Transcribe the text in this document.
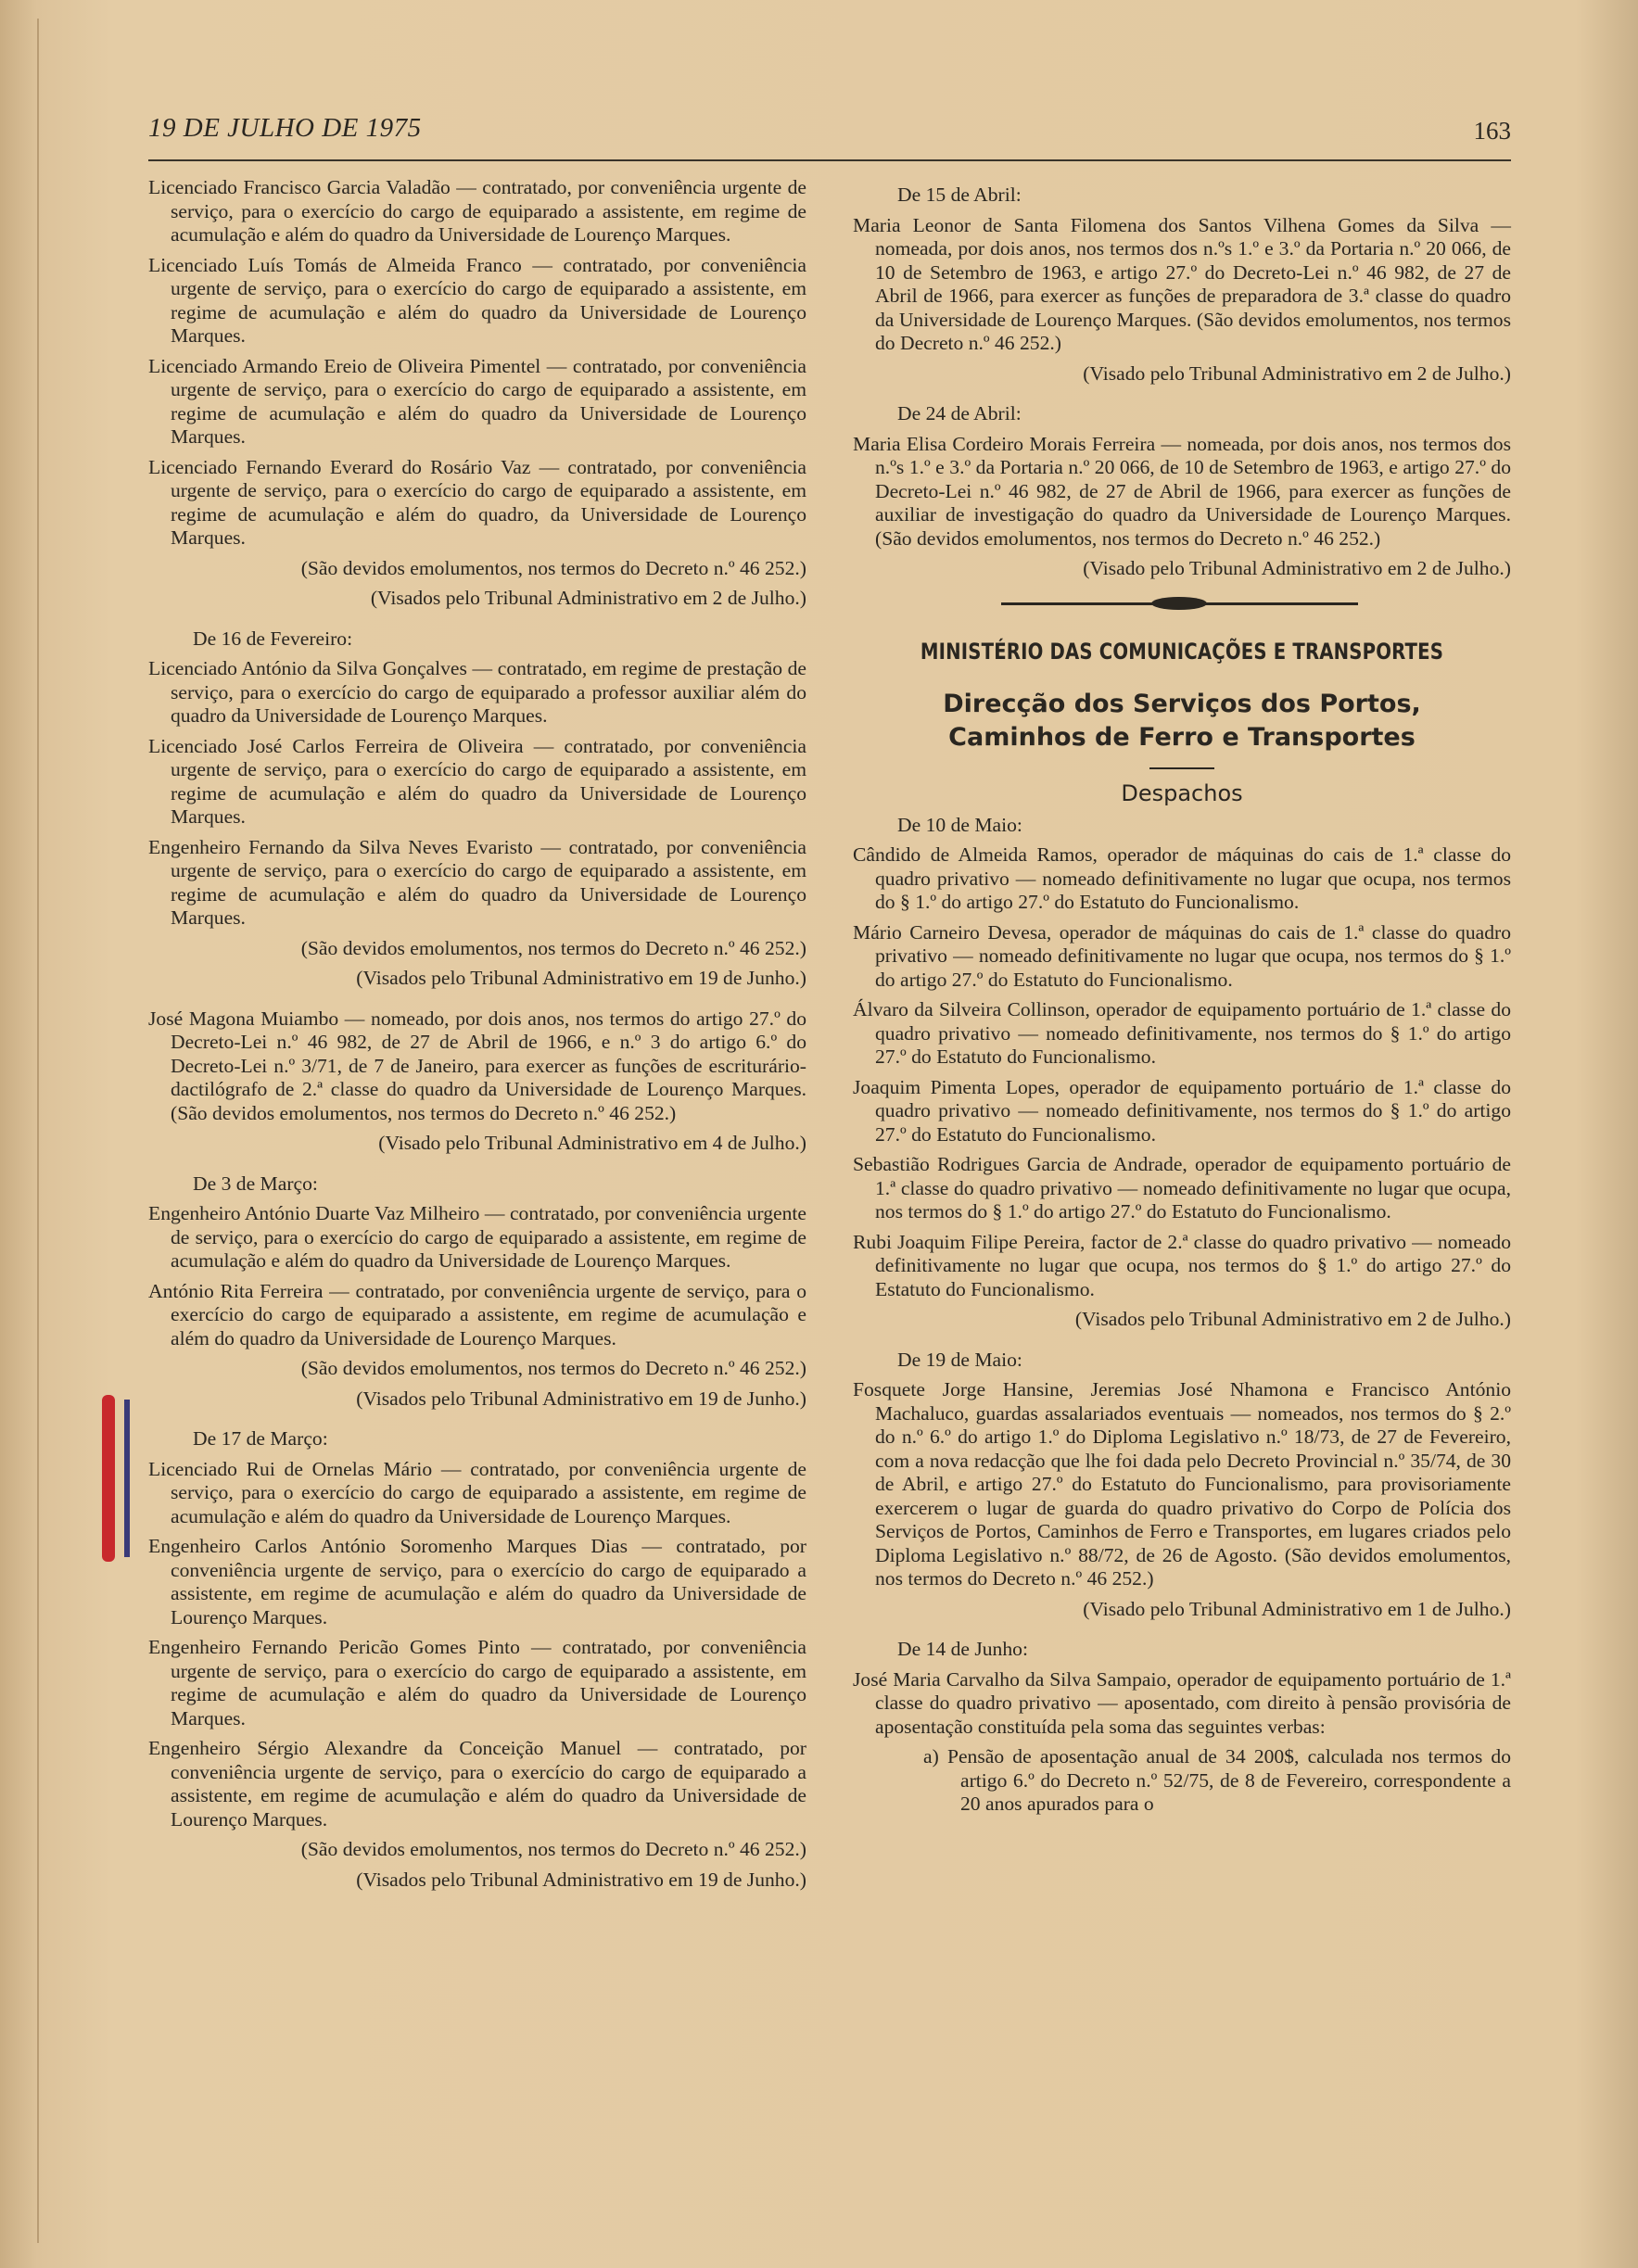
19 DE JULHO DE 1975	163

Licenciado Francisco Garcia Valadão — contratado, por conveniência urgente de serviço, para o exercício do cargo de equiparado a assistente, em regime de acumulação e além do quadro da Universidade de Lourenço Marques.

Licenciado Luís Tomás de Almeida Franco — contratado, por conveniência urgente de serviço, para o exercício do cargo de equiparado a assistente, em regime de acumulação e além do quadro da Universidade de Lourenço Marques.

Licenciado Armando Ereio de Oliveira Pimentel — contratado, por conveniência urgente de serviço, para o exercício do cargo de equiparado a assistente, em regime de acumulação e além do quadro da Universidade de Lourenço Marques.

Licenciado Fernando Everard do Rosário Vaz — contratado, por conveniência urgente de serviço, para o exercício do cargo de equiparado a assistente, em regime de acumulação e além do quadro, da Universidade de Lourenço Marques.

(São devidos emolumentos, nos termos do Decreto n.º 46 252.)

(Visados pelo Tribunal Administrativo em 2 de Julho.)

De 16 de Fevereiro:

Licenciado António da Silva Gonçalves — contratado, em regime de prestação de serviço, para o exercício do cargo de equiparado a professor auxiliar além do quadro da Universidade de Lourenço Marques.

Licenciado José Carlos Ferreira de Oliveira — contratado, por conveniência urgente de serviço, para o exercício do cargo de equiparado a assistente, em regime de acumulação e além do quadro da Universidade de Lourenço Marques.

Engenheiro Fernando da Silva Neves Evaristo — contratado, por conveniência urgente de serviço, para o exercício do cargo de equiparado a assistente, em regime de acumulação e além do quadro da Universidade de Lourenço Marques.

(São devidos emolumentos, nos termos do Decreto n.º 46 252.)

(Visados pelo Tribunal Administrativo em 19 de Junho.)

José Magona Muiambo — nomeado, por dois anos, nos termos do artigo 27.º do Decreto-Lei n.º 46 982, de 27 de Abril de 1966, e n.º 3 do artigo 6.º do Decreto-Lei n.º 3/71, de 7 de Janeiro, para exercer as funções de escriturário-dactilógrafo de 2.ª classe do quadro da Universidade de Lourenço Marques. (São devidos emolumentos, nos termos do Decreto n.º 46 252.)

(Visado pelo Tribunal Administrativo em 4 de Julho.)

De 3 de Março:

Engenheiro António Duarte Vaz Milheiro — contratado, por conveniência urgente de serviço, para o exercício do cargo de equiparado a assistente, em regime de acumulação e além do quadro da Universidade de Lourenço Marques.

António Rita Ferreira — contratado, por conveniência urgente de serviço, para o exercício do cargo de equiparado a assistente, em regime de acumulação e além do quadro da Universidade de Lourenço Marques.

(São devidos emolumentos, nos termos do Decreto n.º 46 252.)

(Visados pelo Tribunal Administrativo em 19 de Junho.)

De 17 de Março:

Licenciado Rui de Ornelas Mário — contratado, por conveniência urgente de serviço, para o exercício do cargo de equiparado a assistente, em regime de acumulação e além do quadro da Universidade de Lourenço Marques.

Engenheiro Carlos António Soromenho Marques Dias — contratado, por conveniência urgente de serviço, para o exercício do cargo de equiparado a assistente, em regime de acumulação e além do quadro da Universidade de Lourenço Marques.

Engenheiro Fernando Pericão Gomes Pinto — contratado, por conveniência urgente de serviço, para o exercício do cargo de equiparado a assistente, em regime de acumulação e além do quadro da Universidade de Lourenço Marques.

Engenheiro Sérgio Alexandre da Conceição Manuel — contratado, por conveniência urgente de serviço, para o exercício do cargo de equiparado a assistente, em regime de acumulação e além do quadro da Universidade de Lourenço Marques.

(São devidos emolumentos, nos termos do Decreto n.º 46 252.)

(Visados pelo Tribunal Administrativo em 19 de Junho.)

De 15 de Abril:

Maria Leonor de Santa Filomena dos Santos Vilhena Gomes da Silva — nomeada, por dois anos, nos termos dos n.ºs 1.º e 3.º da Portaria n.º 20 066, de 10 de Setembro de 1963, e artigo 27.º do Decreto-Lei n.º 46 982, de 27 de Abril de 1966, para exercer as funções de preparadora de 3.ª classe do quadro da Universidade de Lourenço Marques. (São devidos emolumentos, nos termos do Decreto n.º 46 252.)

(Visado pelo Tribunal Administrativo em 2 de Julho.)

De 24 de Abril:

Maria Elisa Cordeiro Morais Ferreira — nomeada, por dois anos, nos termos dos n.ºs 1.º e 3.º da Portaria n.º 20 066, de 10 de Setembro de 1963, e artigo 27.º do Decreto-Lei n.º 46 982, de 27 de Abril de 1966, para exercer as funções de auxiliar de investigação do quadro da Universidade de Lourenço Marques. (São devidos emolumentos, nos termos do Decreto n.º 46 252.)

(Visado pelo Tribunal Administrativo em 2 de Julho.)

MINISTÉRIO DAS COMUNICAÇÕES E TRANSPORTES

Direcção dos Serviços dos Portos,

Caminhos de Ferro e Transportes

Despachos

De 10 de Maio:

Cândido de Almeida Ramos, operador de máquinas do cais de 1.ª classe do quadro privativo — nomeado definitivamente no lugar que ocupa, nos termos do § 1.º do artigo 27.º do Estatuto do Funcionalismo.

Mário Carneiro Devesa, operador de máquinas do cais de 1.ª classe do quadro privativo — nomeado definitivamente no lugar que ocupa, nos termos do § 1.º do artigo 27.º do Estatuto do Funcionalismo.

Álvaro da Silveira Collinson, operador de equipamento portuário de 1.ª classe do quadro privativo — nomeado definitivamente, nos termos do § 1.º do artigo 27.º do Estatuto do Funcionalismo.

Joaquim Pimenta Lopes, operador de equipamento portuário de 1.ª classe do quadro privativo — nomeado definitivamente, nos termos do § 1.º do artigo 27.º do Estatuto do Funcionalismo.

Sebastião Rodrigues Garcia de Andrade, operador de equipamento portuário de 1.ª classe do quadro privativo — nomeado definitivamente no lugar que ocupa, nos termos do § 1.º do artigo 27.º do Estatuto do Funcionalismo.

Rubi Joaquim Filipe Pereira, factor de 2.ª classe do quadro privativo — nomeado definitivamente no lugar que ocupa, nos termos do § 1.º do artigo 27.º do Estatuto do Funcionalismo.

(Visados pelo Tribunal Administrativo em 2 de Julho.)

De 19 de Maio:

Fosquete Jorge Hansine, Jeremias José Nhamona e Francisco António Machaluco, guardas assalariados eventuais — nomeados, nos termos do § 2.º do n.º 6.º do artigo 1.º do Diploma Legislativo n.º 18/73, de 27 de Fevereiro, com a nova redacção que lhe foi dada pelo Decreto Provincial n.º 35/74, de 30 de Abril, e artigo 27.º do Estatuto do Funcionalismo, para provisoriamente exercerem o lugar de guarda do quadro privativo do Corpo de Polícia dos Serviços de Portos, Caminhos de Ferro e Transportes, em lugares criados pelo Diploma Legislativo n.º 88/72, de 26 de Agosto. (São devidos emolumentos, nos termos do Decreto n.º 46 252.)

(Visado pelo Tribunal Administrativo em 1 de Julho.)

De 14 de Junho:

José Maria Carvalho da Silva Sampaio, operador de equipamento portuário de 1.ª classe do quadro privativo — aposentado, com direito à pensão provisória de aposentação constituída pela soma das seguintes verbas:

a) Pensão de aposentação anual de 34 200$, calculada nos termos do artigo 6.º do Decreto n.º 52/75, de 8 de Fevereiro, correspondente a 20 anos apurados para o
